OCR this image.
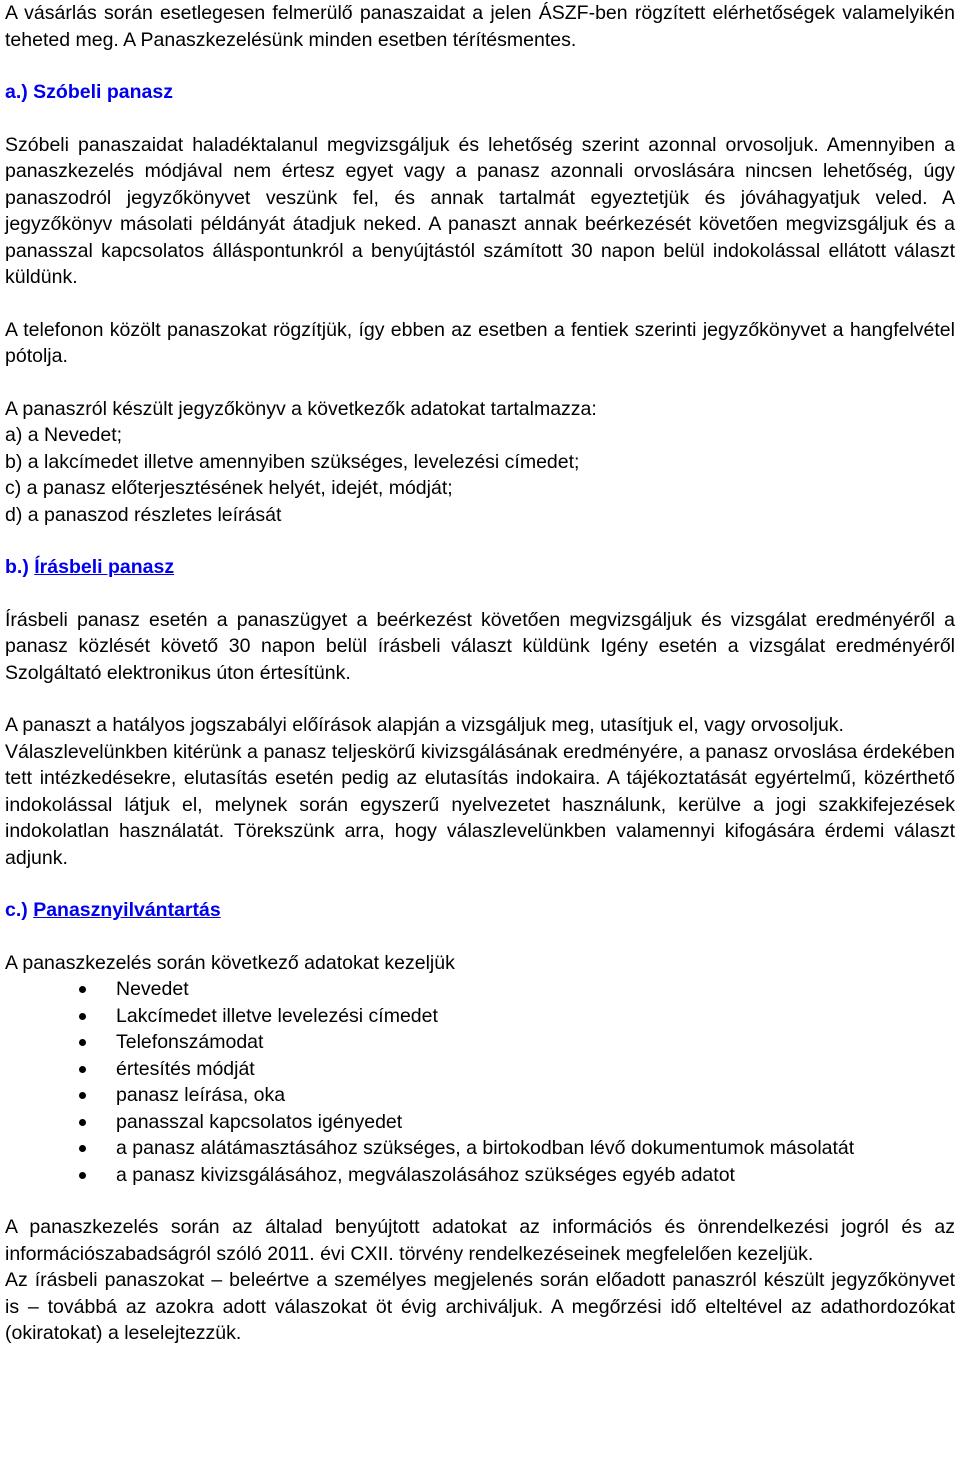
A vásárlás során esetlegesen felmerülő panaszaidat a jelen ÁSZF-ben rögzített elérhetőségek valamelyikén teheted meg. A Panaszkezelésünk minden esetben térítésmentes.

a.) Szóbeli panasz

Szóbeli panaszaidat haladéktalanul megvizsgáljuk és lehetőség szerint azonnal orvosoljuk. Amennyiben a panaszkezelés módjával nem értesz egyet vagy a panasz azonnali orvoslására nincsen lehetőség, úgy panaszodról jegyzőkönyvet veszünk fel, és annak tartalmát egyeztetjük és jóváhagyatjuk veled. A jegyzőkönyv másolati példányát átadjuk neked. A panaszt annak beérkezését követően megvizsgáljuk és a panasszal kapcsolatos álláspontunkról a benyújtástól számított 30 napon belül indokolással ellátott választ küldünk.

A telefonon közölt panaszokat rögzítjük, így ebben az esetben a fentiek szerinti jegyzőkönyvet a hangfelvétel pótolja.

A panaszról készült jegyzőkönyv a következők adatokat tartalmazza:

a) a Nevedet;

b) a lakcímedet illetve amennyiben szükséges, levelezési címedet;

c) a panasz előterjesztésének helyét, idejét, módját;

d) a panaszod részletes leírását

b.) Írásbeli panasz

Írásbeli panasz esetén a panaszügyet a beérkezést követően megvizsgáljuk és vizsgálat eredményéről a panasz közlését követő 30 napon belül írásbeli választ küldünk Igény esetén a vizsgálat eredményéről Szolgáltató elektronikus úton értesítünk.

A panaszt a hatályos jogszabályi előírások alapján a vizsgáljuk meg, utasítjuk el, vagy orvosoljuk.

Válaszlevelünkben kitérünk a panasz teljeskörű kivizsgálásának eredményére, a panasz orvoslása érdekében tett intézkedésekre, elutasítás esetén pedig az elutasítás indokaira. A tájékoztatását egyértelmű, közérthető indokolással látjuk el, melynek során egyszerű nyelvezetet használunk, kerülve a jogi szakkifejezések indokolatlan használatát. Törekszünk arra, hogy válaszlevelünkben valamennyi kifogására érdemi választ adjunk.

c.) Panasznyilvántartás

A panaszkezelés során következő adatokat kezeljük

Nevedet
Lakcímedet illetve levelezési címedet
Telefonszámodat
értesítés módját
panasz leírása, oka
panasszal kapcsolatos igényedet
a panasz alátámasztásához szükséges, a birtokodban lévő dokumentumok másolatát
a panasz kivizsgálásához, megválaszolásához szükséges egyéb adatot

A panaszkezelés során az általad benyújtott adatokat az információs és önrendelkezési jogról és az információszabadságról szóló 2011. évi CXII. törvény rendelkezéseinek megfelelően kezeljük.

Az írásbeli panaszokat – beleértve a személyes megjelenés során előadott panaszról készült jegyzőkönyvet is – továbbá az azokra adott válaszokat öt évig archiváljuk. A megőrzési idő elteltével az adathordozókat (okiratokat) a leselejtezzük.
